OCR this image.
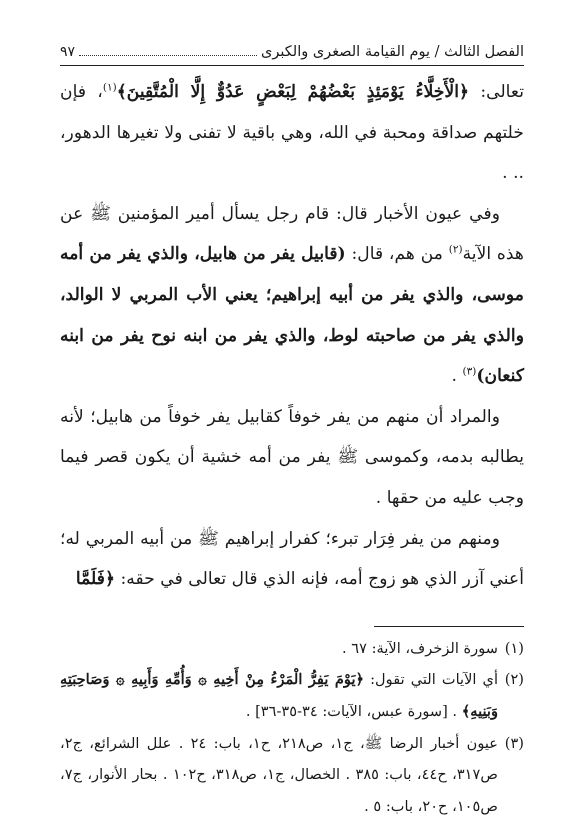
الفصل الثالث / يوم القيامة الصغرى والكبرى
٩٧

تعالى: ﴿الْأَخِلَّاءُ يَوْمَئِذٍ بَعْضُهُمْ لِبَعْضٍ عَدُوٌّ إِلَّا الْمُتَّقِينَ﴾$^{(١)}$، فإن خلتهم صداقة ومحبة في الله، وهي باقية لا تفنى ولا تغيرها الدهور، .. .

وفي عيون الأخبار قال: قام رجل يسأل أمير المؤمنين ﷺ عن هذه الآية$^{(٢)}$ من هم، قال: (قابيل يفر من هابيل، والذي يفر من أمه موسى، والذي يفر من أبيه إبراهيم؛ يعني الأب المربي لا الوالد، والذي يفر من صاحبته لوط، والذي يفر من ابنه نوح يفر من ابنه كنعان)$^{(٣)}$ .

والمراد أن منهم من يفر خوفاً كقابيل يفر خوفاً من هابيل؛ لأنه يطالبه بدمه، وكموسى ﷺ يفر من أمه خشية أن يكون قصر فيما وجب عليه من حقها .

ومنهم من يفر فِرَار تبرء؛ كفرار إبراهيم ﷺ من أبيه المربي له؛ أعني آزر الذي هو زوج أمه، فإنه الذي قال تعالى في حقه: ﴿فَلَمَّا

(١)
سورة الزخرف، الآية: ٦٧ .
(٢)
أي الآيات التي تقول: ﴿يَوْمَ يَفِرُّ الْمَرْءُ مِنْ أَخِيهِ ۞ وَأُمِّهِ وَأَبِيهِ ۞ وَصَاحِبَتِهِ وَبَنِيهِ﴾ . [سورة عبس، الآيات: ٣٤-٣٥-٣٦] .
(٣)
عيون أخبار الرضا ﷺ، ج١، ص٢١٨، ح١، باب: ٢٤ . علل الشرائع، ج٢، ص٣١٧، ح٤٤، باب: ٣٨٥ . الخصال، ج١، ص٣١٨، ح١٠٢ . بحار الأنوار، ج٧، ص١٠٥، ح٢٠، باب: ٥ .
